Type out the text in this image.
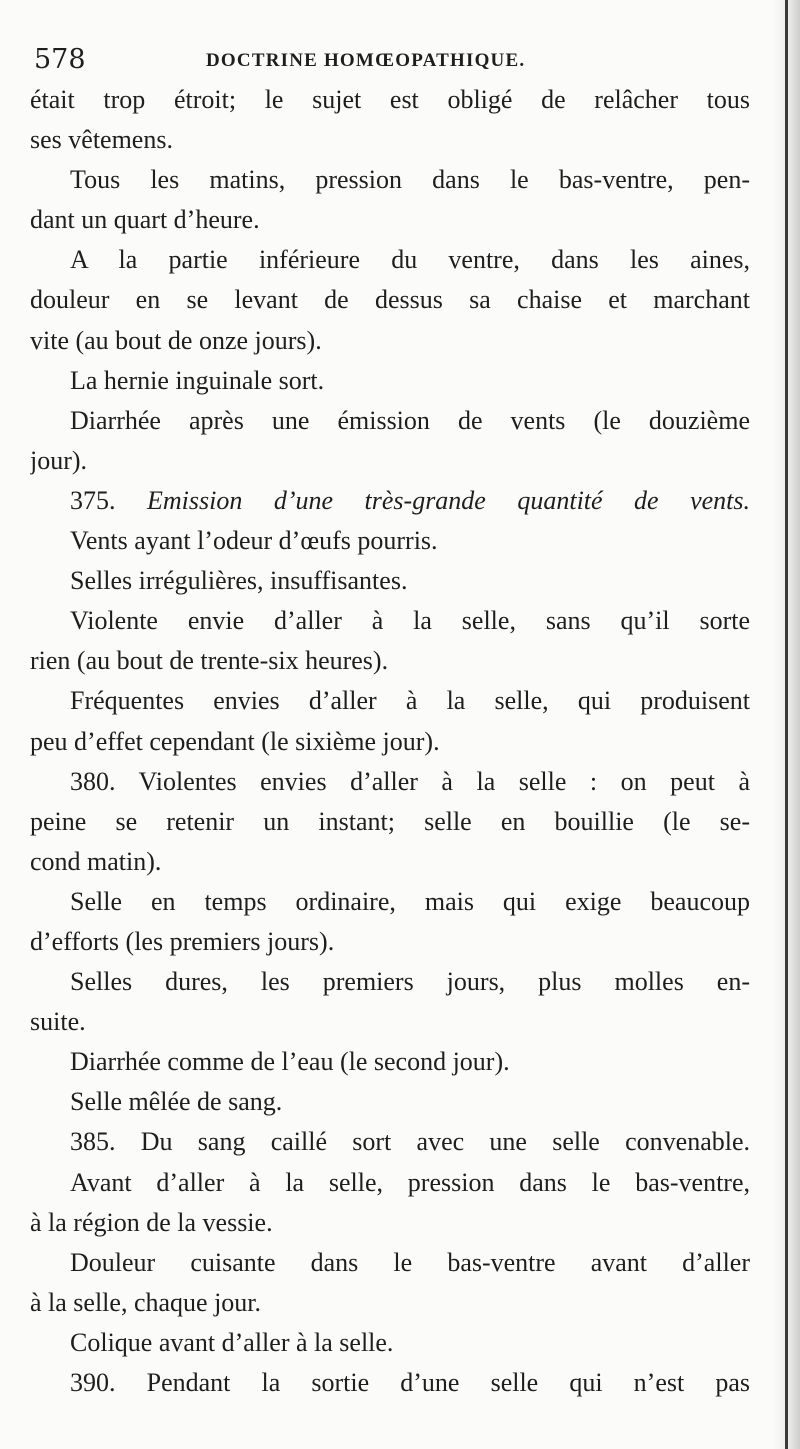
578	DOCTRINE HOMŒOPATHIQUE.
était trop étroit; le sujet est obligé de relâcher tous
ses vêtemens.
Tous les matins, pression dans le bas-ventre, pen-
dant un quart d’heure.
A la partie inférieure du ventre, dans les aines,
douleur en se levant de dessus sa chaise et marchant
vite (au bout de onze jours).
La hernie inguinale sort.
Diarrhée après une émission de vents (le douzième
jour).
375. Emission d’une très-grande quantité de vents.
Vents ayant l’odeur d’œufs pourris.
Selles irrégulières, insuffisantes.
Violente envie d’aller à la selle, sans qu’il sorte
rien (au bout de trente-six heures).
Fréquentes envies d’aller à la selle, qui produisent
peu d’effet cependant (le sixième jour).
380. Violentes envies d’aller à la selle : on peut à
peine se retenir un instant; selle en bouillie (le se-
cond matin).
Selle en temps ordinaire, mais qui exige beaucoup
d’efforts (les premiers jours).
Selles dures, les premiers jours, plus molles en-
suite.
Diarrhée comme de l’eau (le second jour).
Selle mêlée de sang.
385. Du sang caillé sort avec une selle convenable.
Avant d’aller à la selle, pression dans le bas-ventre,
à la région de la vessie.
Douleur cuisante dans le bas-ventre avant d’aller
à la selle, chaque jour.
Colique avant d’aller à la selle.
390. Pendant la sortie d’une selle qui n’est pas
